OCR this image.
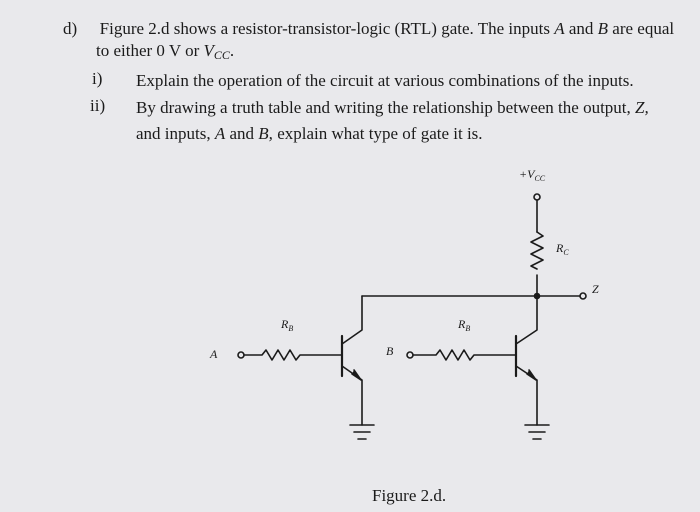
d) Figure 2.d shows a resistor-transistor-logic (RTL) gate. The inputs A and B are equal
to either 0 V or $V_{CC}$.
i) Explain the operation of the circuit at various combinations of the inputs.
ii) By drawing a truth table and writing the relationship between the output, Z,
and inputs, A and B, explain what type of gate it is.
$+V_{CC}$
$R_C$
Z
$R_B$	$R_B$
A	B
Figure 2.d.
